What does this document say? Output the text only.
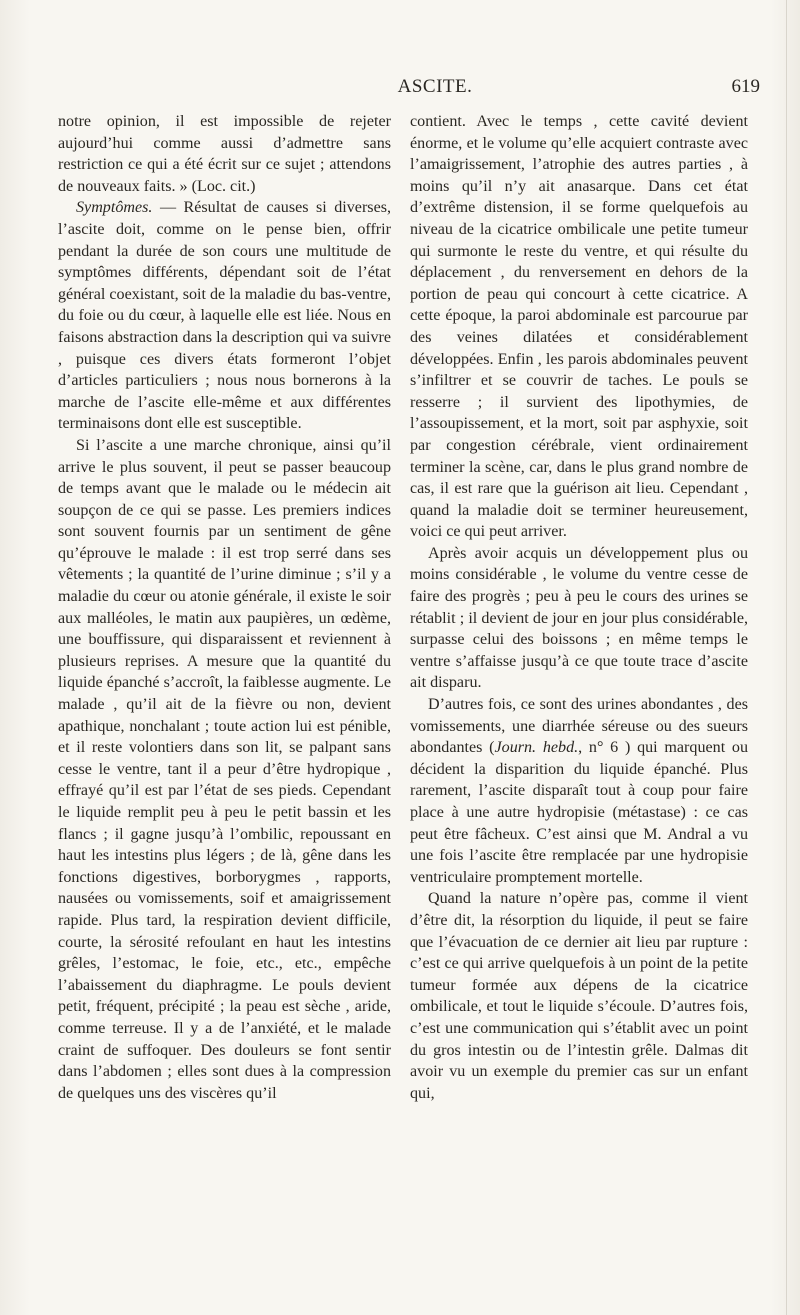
ASCITE.	619

notre opinion, il est impossible de rejeter aujourd’hui comme aussi d’admettre sans restriction ce qui a été écrit sur ce sujet ; attendons de nouveaux faits. » (Loc. cit.)

Symptômes. — Résultat de causes si diverses, l’ascite doit, comme on le pense bien, offrir pendant la durée de son cours une multitude de symptômes différents, dépendant soit de l’état général coexistant, soit de la maladie du bas-ventre, du foie ou du cœur, à laquelle elle est liée. Nous en faisons abstraction dans la description qui va suivre , puisque ces divers états formeront l’objet d’articles particuliers ; nous nous bornerons à la marche de l’ascite elle-même et aux différentes terminaisons dont elle est susceptible.

Si l’ascite a une marche chronique, ainsi qu’il arrive le plus souvent, il peut se passer beaucoup de temps avant que le malade ou le médecin ait soupçon de ce qui se passe. Les premiers indices sont souvent fournis par un sentiment de gêne qu’éprouve le malade : il est trop serré dans ses vêtements ; la quantité de l’urine diminue ; s’il y a maladie du cœur ou atonie générale, il existe le soir aux malléoles, le matin aux paupières, un œdème, une bouffissure, qui disparaissent et reviennent à plusieurs reprises. A mesure que la quantité du liquide épanché s’accroît, la faiblesse augmente. Le malade , qu’il ait de la fièvre ou non, devient apathique, nonchalant ; toute action lui est pénible, et il reste volontiers dans son lit, se palpant sans cesse le ventre, tant il a peur d’être hydropique , effrayé qu’il est par l’état de ses pieds. Cependant le liquide remplit peu à peu le petit bassin et les flancs ; il gagne jusqu’à l’ombilic, repoussant en haut les intestins plus légers ; de là, gêne dans les fonctions digestives, borborygmes , rapports, nausées ou vomissements, soif et amaigrissement rapide. Plus tard, la respiration devient difficile, courte, la sérosité refoulant en haut les intestins grêles, l’estomac, le foie, etc., etc., empêche l’abaissement du diaphragme. Le pouls devient petit, fréquent, précipité ; la peau est sèche , aride, comme terreuse. Il y a de l’anxiété, et le malade craint de suffoquer. Des douleurs se font sentir dans l’abdomen ; elles sont dues à la compression de quelques uns des viscères qu’il

contient. Avec le temps , cette cavité devient énorme, et le volume qu’elle acquiert contraste avec l’amaigrissement, l’atrophie des autres parties , à moins qu’il n’y ait anasarque. Dans cet état d’extrême distension, il se forme quelquefois au niveau de la cicatrice ombilicale une petite tumeur qui surmonte le reste du ventre, et qui résulte du déplacement , du renversement en dehors de la portion de peau qui concourt à cette cicatrice. A cette époque, la paroi abdominale est parcourue par des veines dilatées et considérablement développées. Enfin , les parois abdominales peuvent s’infiltrer et se couvrir de taches. Le pouls se resserre ; il survient des lipothymies, de l’assoupissement, et la mort, soit par asphyxie, soit par congestion cérébrale, vient ordinairement terminer la scène, car, dans le plus grand nombre de cas, il est rare que la guérison ait lieu. Cependant , quand la maladie doit se terminer heureusement, voici ce qui peut arriver.

Après avoir acquis un développement plus ou moins considérable , le volume du ventre cesse de faire des progrès ; peu à peu le cours des urines se rétablit ; il devient de jour en jour plus considérable, surpasse celui des boissons ; en même temps le ventre s’affaisse jusqu’à ce que toute trace d’ascite ait disparu.

D’autres fois, ce sont des urines abondantes , des vomissements, une diarrhée séreuse ou des sueurs abondantes (Journ. hebd., n° 6 ) qui marquent ou décident la disparition du liquide épanché. Plus rarement, l’ascite disparaît tout à coup pour faire place à une autre hydropisie (métastase) : ce cas peut être fâcheux. C’est ainsi que M. Andral a vu une fois l’ascite être remplacée par une hydropisie ventriculaire promptement mortelle.

Quand la nature n’opère pas, comme il vient d’être dit, la résorption du liquide, il peut se faire que l’évacuation de ce dernier ait lieu par rupture : c’est ce qui arrive quelquefois à un point de la petite tumeur formée aux dépens de la cicatrice ombilicale, et tout le liquide s’écoule. D’autres fois, c’est une communication qui s’établit avec un point du gros intestin ou de l’intestin grêle. Dalmas dit avoir vu un exemple du premier cas sur un enfant qui,
